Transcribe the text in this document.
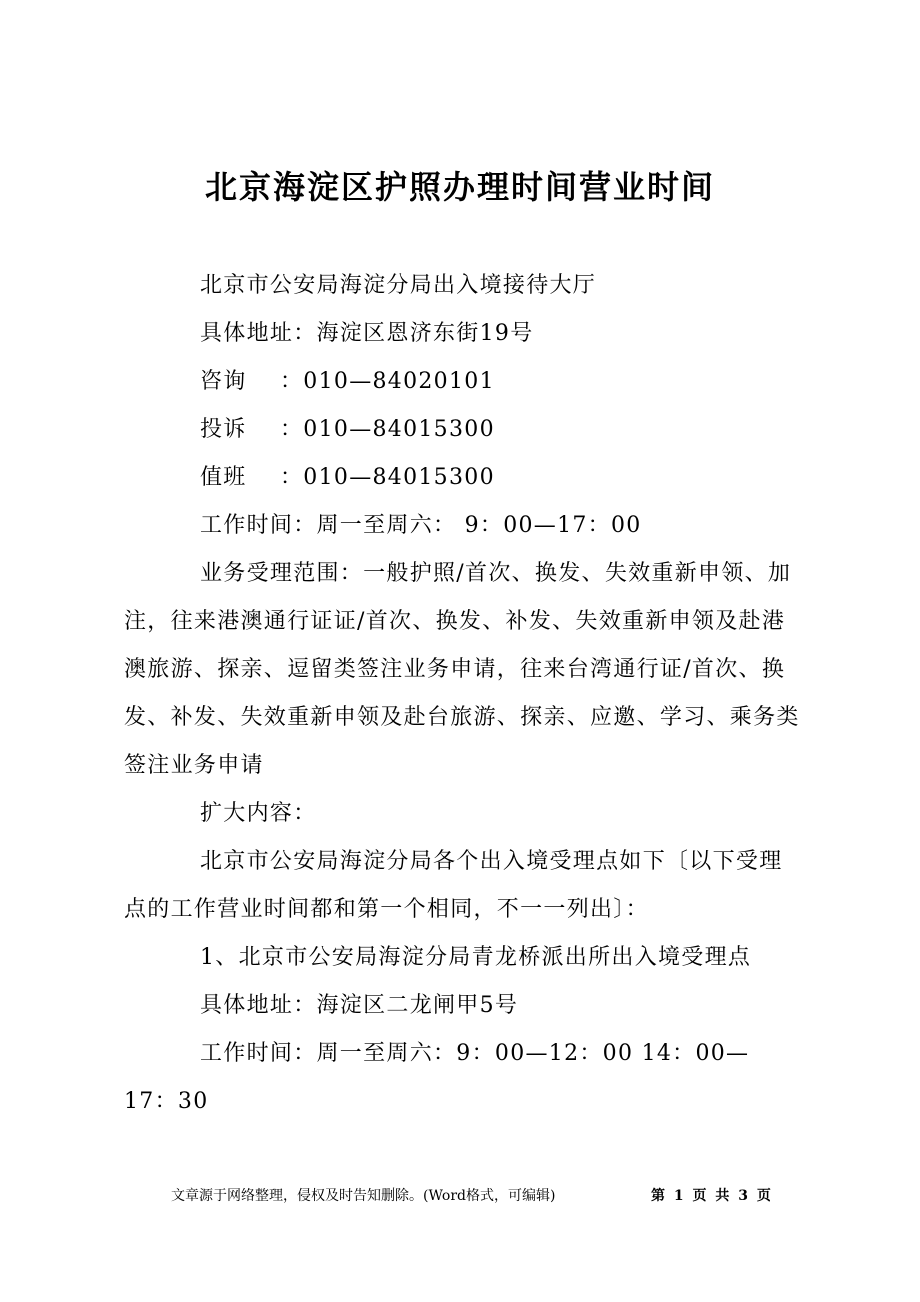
北京海淀区护照办理时间营业时间

北京市公安局海淀分局出入境接待大厅

具体地址：海淀区恩济东街19号

咨询	：010—84020101
投诉	：010—84015300
值班	：010—84015300

工作时间：周一至周六： 9：00—17：00

业务受理范围：一般护照/首次、换发、失效重新申领、加注，往来港澳通行证证/首次、换发、补发、失效重新申领及赴港澳旅游、探亲、逗留类签注业务申请，往来台湾通行证/首次、换发、补发、失效重新申领及赴台旅游、探亲、应邀、学习、乘务类签注业务申请

扩大内容：

北京市公安局海淀分局各个出入境受理点如下〔以下受理点的工作营业时间都和第一个相同，不一一列出〕：

1、北京市公安局海淀分局青龙桥派出所出入境受理点

具体地址：海淀区二龙闸甲5号

工作时间：周一至周六：9：00—12：00 14：00—

17：30

文章源于网络整理，侵权及时告知删除。(Word格式，可编辑)	第 1 页 共 3 页
